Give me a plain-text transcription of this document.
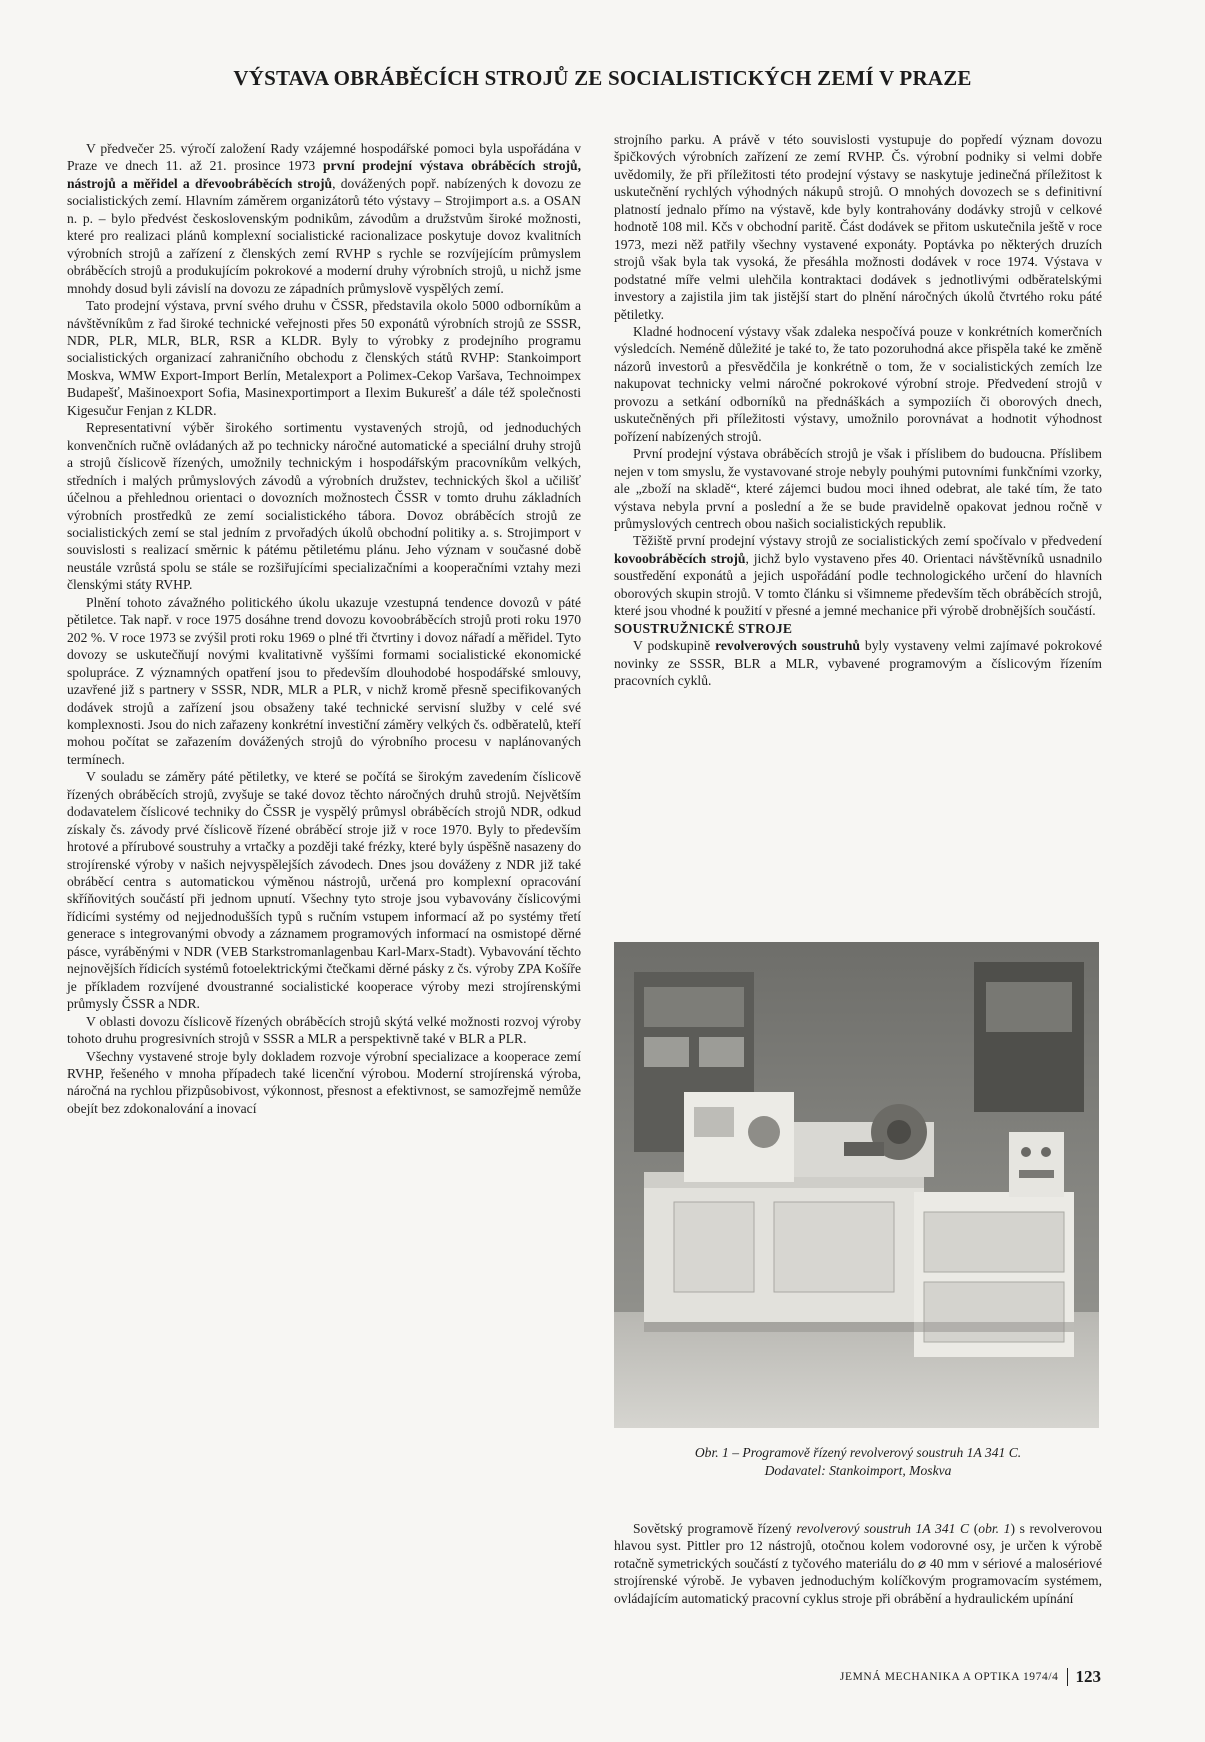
VÝSTAVA OBRÁBĚCÍCH STROJŮ ZE SOCIALISTICKÝCH ZEMÍ V PRAZE

V předvečer 25. výročí založení Rady vzájemné hospodářské pomoci byla uspořádána v Praze ve dnech 11. až 21. prosince 1973 první prodejní výstava obráběcích strojů, nástrojů a měřidel a dřevoobráběcích strojů, dovážených popř. nabízených k dovozu ze socialistických zemí. Hlavním záměrem organizátorů této výstavy – Strojimport a.s. a OSAN n. p. – bylo předvést československým podnikům, závodům a družstvům široké možnosti, které pro realizaci plánů komplexní socialistické racionalizace poskytuje dovoz kvalitních výrobních strojů a zařízení z členských zemí RVHP s rychle se rozvíjejícím průmyslem obráběcích strojů a produkujícím pokrokové a moderní druhy výrobních strojů, u nichž jsme mnohdy dosud byli závislí na dovozu ze západních průmyslově vyspělých zemí.

Tato prodejní výstava, první svého druhu v ČSSR, představila okolo 5000 odborníkům a návštěvníkům z řad široké technické veřejnosti přes 50 exponátů výrobních strojů ze SSSR, NDR, PLR, MLR, BLR, RSR a KLDR. Byly to výrobky z prodejního programu socialistických organizací zahraničního obchodu z členských států RVHP: Stankoimport Moskva, WMW Export-Import Berlín, Metalexport a Polimex-Cekop Varšava, Technoimpex Budapešť, Mašinoexport Sofia, Masinexportimport a Ilexim Bukurešť a dále též společnosti Kigesučur Fenjan z KLDR.

Representativní výběr širokého sortimentu vystavených strojů, od jednoduchých konvenčních ručně ovládaných až po technicky náročné automatické a speciální druhy strojů a strojů číslicově řízených, umožnily technickým i hospodářským pracovníkům velkých, středních i malých průmyslových závodů a výrobních družstev, technických škol a učilišť účelnou a přehlednou orientaci o dovozních možnostech ČSSR v tomto druhu základních výrobních prostředků ze zemí socialistického tábora. Dovoz obráběcích strojů ze socialistických zemí se stal jedním z prvořadých úkolů obchodní politiky a. s. Strojimport v souvislosti s realizací směrnic k pátému pětiletému plánu. Jeho význam v současné době neustále vzrůstá spolu se stále se rozšiřujícími specializačními a kooperačními vztahy mezi členskými státy RVHP.

Plnění tohoto závažného politického úkolu ukazuje vzestupná tendence dovozů v páté pětiletce. Tak např. v roce 1975 dosáhne trend dovozu kovoobráběcích strojů proti roku 1970 202 %. V roce 1973 se zvýšil proti roku 1969 o plné tři čtvrtiny i dovoz nářadí a měřidel. Tyto dovozy se uskutečňují novými kvalitativně vyššími formami socialistické ekonomické spolupráce. Z významných opatření jsou to především dlouhodobé hospodářské smlouvy, uzavřené již s partnery v SSSR, NDR, MLR a PLR, v nichž kromě přesně specifikovaných dodávek strojů a zařízení jsou obsaženy také technické servisní služby v celé své komplexnosti. Jsou do nich zařazeny konkrétní investiční záměry velkých čs. odběratelů, kteří mohou počítat se zařazením dovážených strojů do výrobního procesu v naplánovaných termínech.

V souladu se záměry páté pětiletky, ve které se počítá se širokým zavedením číslicově řízených obráběcích strojů, zvyšuje se také dovoz těchto náročných druhů strojů. Největším dodavatelem číslicové techniky do ČSSR je vyspělý průmysl obráběcích strojů NDR, odkud získaly čs. závody prvé číslicově řízené obráběcí stroje již v roce 1970. Byly to především hrotové a přírubové soustruhy a vrtačky a později také frézky, které byly úspěšně nasazeny do strojírenské výroby v našich nejvyspělejších závodech. Dnes jsou dováženy z NDR již také obráběcí centra s automatickou výměnou nástrojů, určená pro komplexní opracování skříňovitých součástí při jednom upnutí. Všechny tyto stroje jsou vybavovány číslicovými řídicími systémy od nejjednodušších typů s ručním vstupem informací až po systémy třetí generace s integrovanými obvody a záznamem programových informací na osmistopé děrné pásce, vyráběnými v NDR (VEB Starkstromanlagenbau Karl-Marx-Stadt). Vybavování těchto nejnovějších řídicích systémů fotoelektrickými čtečkami děrné pásky z čs. výroby ZPA Košíře je příkladem rozvíjené dvoustranné socialistické kooperace výroby mezi strojírenskými průmysly ČSSR a NDR.

V oblasti dovozu číslicově řízených obráběcích strojů skýtá velké možnosti rozvoj výroby tohoto druhu progresivních strojů v SSSR a MLR a perspektivně také v BLR a PLR.

Všechny vystavené stroje byly dokladem rozvoje výrobní specializace a kooperace zemí RVHP, řešeného v mnoha případech také licenční výrobou. Moderní strojírenská výroba, náročná na rychlou přizpůsobivost, výkonnost, přesnost a efektivnost, se samozřejmě nemůže obejít bez zdokonalování a inovací

strojního parku. A právě v této souvislosti vystupuje do popředí význam dovozu špičkových výrobních zařízení ze zemí RVHP. Čs. výrobní podniky si velmi dobře uvědomily, že při příležitosti této prodejní výstavy se naskytuje jedinečná příležitost k uskutečnění rychlých výhodných nákupů strojů. O mnohých dovozech se s definitivní platností jednalo přímo na výstavě, kde byly kontrahovány dodávky strojů v celkové hodnotě 108 mil. Kčs v obchodní paritě. Část dodávek se přitom uskutečnila ještě v roce 1973, mezi něž patřily všechny vystavené exponáty. Poptávka po některých druzích strojů však byla tak vysoká, že přesáhla možnosti dodávek v roce 1974. Výstava v podstatné míře velmi ulehčila kontraktaci dodávek s jednotlivými odběratelskými investory a zajistila jim tak jistější start do plnění náročných úkolů čtvrtého roku páté pětiletky.

Kladné hodnocení výstavy však zdaleka nespočívá pouze v konkrétních komerčních výsledcích. Neméně důležité je také to, že tato pozoruhodná akce přispěla také ke změně názorů investorů a přesvědčila je konkrétně o tom, že v socialistických zemích lze nakupovat technicky velmi náročné pokrokové výrobní stroje. Předvedení strojů v provozu a setkání odborníků na přednáškách a sympoziích či oborových dnech, uskutečněných při příležitosti výstavy, umožnilo porovnávat a hodnotit výhodnost pořízení nabízených strojů.

První prodejní výstava obráběcích strojů je však i příslibem do budoucna. Příslibem nejen v tom smyslu, že vystavované stroje nebyly pouhými putovními funkčními vzorky, ale „zboží na skladě“, které zájemci budou moci ihned odebrat, ale také tím, že tato výstava nebyla první a poslední a že se bude pravidelně opakovat jednou ročně v průmyslových centrech obou našich socialistických republik.

Těžiště první prodejní výstavy strojů ze socialistických zemí spočívalo v předvedení kovoobráběcích strojů, jichž bylo vystaveno přes 40. Orientaci návštěvníků usnadnilo soustředění exponátů a jejich uspořádání podle technologického určení do hlavních oborových skupin strojů. V tomto článku si všimneme především těch obráběcích strojů, které jsou vhodné k použití v přesné a jemné mechanice při výrobě drobnějších součástí.

SOUSTRUŽNICKÉ STROJE

V podskupině revolverových soustruhů byly vystaveny velmi zajímavé pokrokové novinky ze SSSR, BLR a MLR, vybavené programovým a číslicovým řízením pracovních cyklů.

Obr. 1 – Programově řízený revolverový soustruh 1A 341 C.
Dodavatel: Stankoimport, Moskva

Sovětský programově řízený revolverový soustruh 1A 341 C (obr. 1) s revolverovou hlavou syst. Pittler pro 12 nástrojů, otočnou kolem vodorovné osy, je určen k výrobě rotačně symetrických součástí z tyčového materiálu do ⌀ 40 mm v sériové a malosériové strojírenské výrobě. Je vybaven jednoduchým kolíčkovým programovacím systémem, ovládajícím automatický pracovní cyklus stroje při obrábění a hydraulickém upínání

JEMNÁ MECHANIKA A OPTIKA 1974/4 123
